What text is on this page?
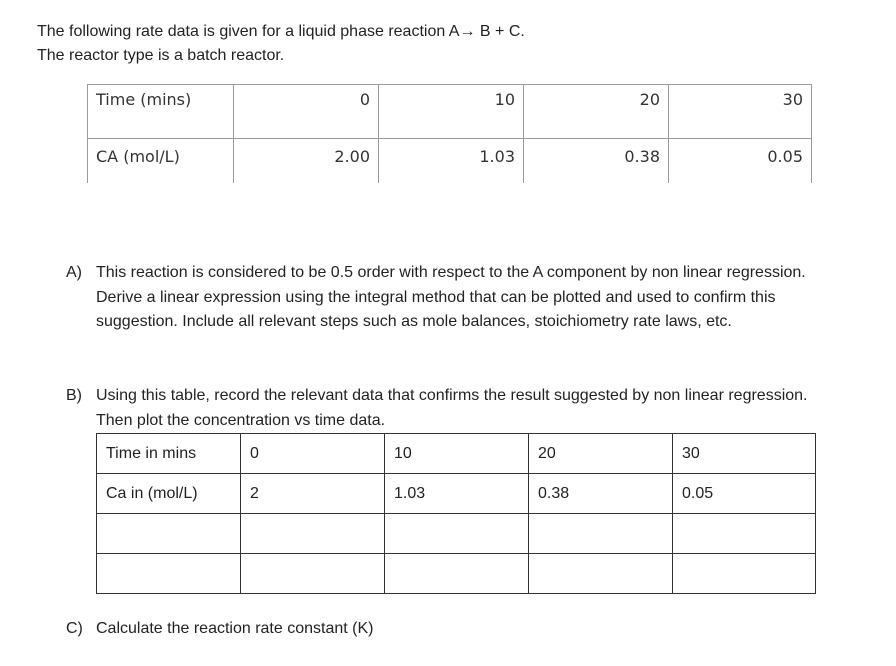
The following rate data is given for a liquid phase reaction A→ B + C.
The reactor type is a batch reactor.
Time (mins)	0	10	20	30
CA (mol/L)	2.00	1.03	0.38	0.05
A) This reaction is considered to be 0.5 order with respect to the A component by non linear regression.
Derive a linear expression using the integral method that can be plotted and used to confirm this suggestion. Include all relevant steps such as mole balances, stoichiometry rate laws, etc.
B) Using this table, record the relevant data that confirms the result suggested by non linear regression. Then plot the concentration vs time data.
Time in mins	0	10	20	30
Ca in (mol/L)	2	1.03	0.38	0.05

C) Calculate the reaction rate constant (K)
